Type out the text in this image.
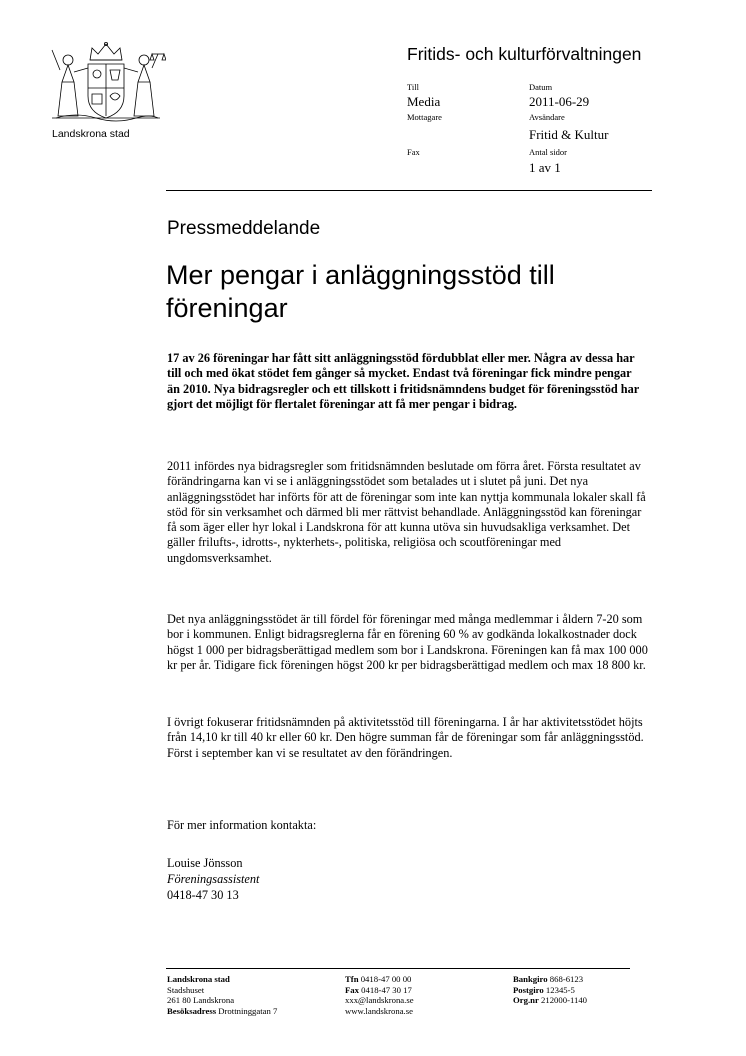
Landskrona stad
Fritids- och kulturförvaltningen
Till
Media
Mottagare
Fax
Datum
2011-06-29
Avsändare
Fritid & Kultur
Antal sidor
1 av 1
Pressmeddelande
Mer pengar i anläggningsstöd till föreningar
17 av 26 föreningar har fått sitt anläggningsstöd fördubblat eller mer. Några av dessa har till och med ökat stödet fem gånger så mycket. Endast två föreningar fick mindre pengar än 2010. Nya bidragsregler och ett tillskott i fritidsnämndens budget för föreningsstöd har gjort det möjligt för flertalet föreningar att få mer pengar i bidrag.

2011 infördes nya bidragsregler som fritidsnämnden beslutade om förra året. Första resultatet av förändringarna kan vi se i anläggningsstödet som betalades ut i slutet på juni. Det nya anläggningsstödet har införts för att de föreningar som inte kan nyttja kommunala lokaler skall få stöd för sin verksamhet och därmed bli mer rättvist behandlade. Anläggningsstöd kan föreningar få som äger eller hyr lokal i Landskrona för att kunna utöva sin huvudsakliga verksamhet. Det gäller frilufts-, idrotts-, nykterhets-, politiska, religiösa och scoutföreningar med ungdomsverksamhet.

Det nya anläggningsstödet är till fördel för föreningar med många medlemmar i åldern 7-20 som bor i kommunen. Enligt bidragsreglerna får en förening 60 % av godkända lokalkostnader dock högst 1 000 per bidragsberättigad medlem som bor i Landskrona. Föreningen kan få max 100 000 kr per år. Tidigare fick föreningen högst 200 kr per bidragsberättigad medlem och max 18 800 kr.

I övrigt fokuserar fritidsnämnden på aktivitetsstöd till föreningarna. I år har aktivitetsstödet höjts från 14,10 kr till 40 kr eller 60 kr. Den högre summan får de föreningar som får anläggningsstöd. Först i september kan vi se resultatet av den förändringen.

För mer information kontakta:

Louise Jönsson
Föreningsassistent
0418-47 30 13
Landskrona stad
Stadshuset
261 80 Landskrona
Besöksadress Drottninggatan 7
Tfn 0418-47 00 00
Fax 0418-47 30 17
xxx@landskrona.se
www.landskrona.se
Bankgiro 868-6123
Postgiro 12345-5
Org.nr 212000-1140
